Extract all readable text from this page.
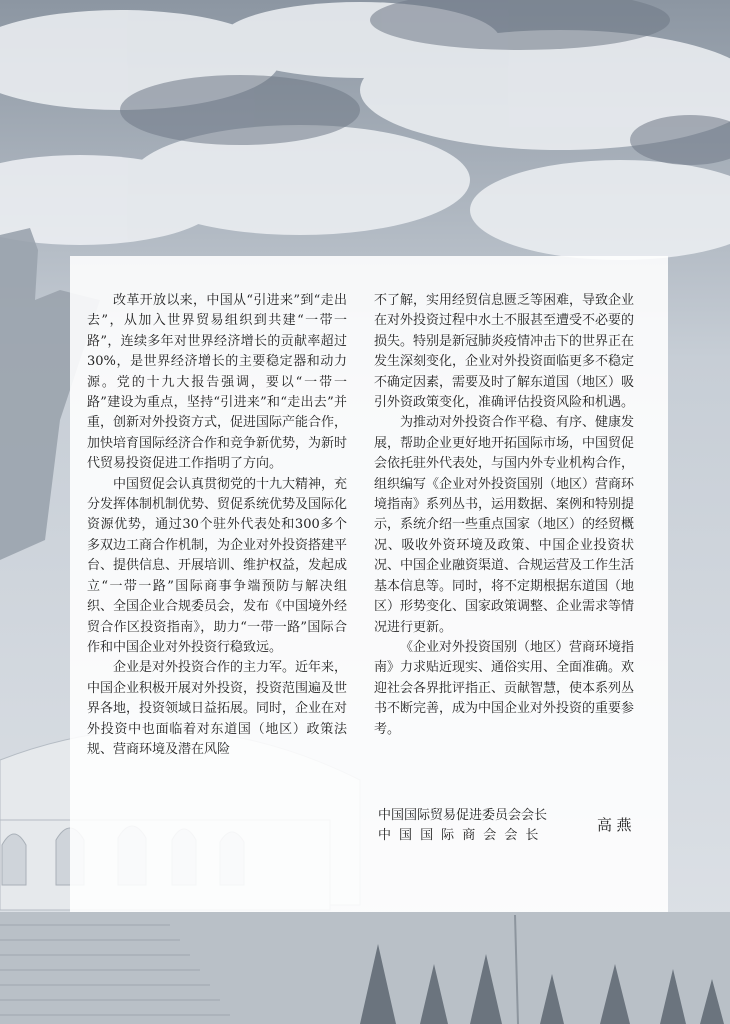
改革开放以来，中国从“引进来”到“走出去”，从加入世界贸易组织到共建“一带一路”，连续多年对世界经济增长的贡献率超过30%，是世界经济增长的主要稳定器和动力源。党的十九大报告强调，要以“一带一路”建设为重点，坚持“引进来”和“走出去”并重，创新对外投资方式，促进国际产能合作，加快培育国际经济合作和竞争新优势，为新时代贸易投资促进工作指明了方向。

中国贸促会认真贯彻党的十九大精神，充分发挥体制机制优势、贸促系统优势及国际化资源优势，通过30个驻外代表处和300多个多双边工商合作机制，为企业对外投资搭建平台、提供信息、开展培训、维护权益，发起成立“一带一路”国际商事争端预防与解决组织、全国企业合规委员会，发布《中国境外经贸合作区投资指南》，助力“一带一路”国际合作和中国企业对外投资行稳致远。

企业是对外投资合作的主力军。近年来，中国企业积极开展对外投资，投资范围遍及世界各地，投资领域日益拓展。同时，企业在对外投资中也面临着对东道国（地区）政策法规、营商环境及潜在风险

不了解，实用经贸信息匮乏等困难，导致企业在对外投资过程中水土不服甚至遭受不必要的损失。特别是新冠肺炎疫情冲击下的世界正在发生深刻变化，企业对外投资面临更多不稳定不确定因素，需要及时了解东道国（地区）吸引外资政策变化，准确评估投资风险和机遇。

为推动对外投资合作平稳、有序、健康发展，帮助企业更好地开拓国际市场，中国贸促会依托驻外代表处，与国内外专业机构合作，组织编写《企业对外投资国别（地区）营商环境指南》系列丛书，运用数据、案例和特别提示，系统介绍一些重点国家（地区）的经贸概况、吸收外资环境及政策、中国企业投资状况、中国企业融资渠道、合规运营及工作生活基本信息等。同时，将不定期根据东道国（地区）形势变化、国家政策调整、企业需求等情况进行更新。

《企业对外投资国别（地区）营商环境指南》力求贴近现实、通俗实用、全面准确。欢迎社会各界批评指正、贡献智慧，使本系列丛书不断完善，成为中国企业对外投资的重要参考。

中国国际贸易促进委员会会长
中国国际商会会长
高燕
